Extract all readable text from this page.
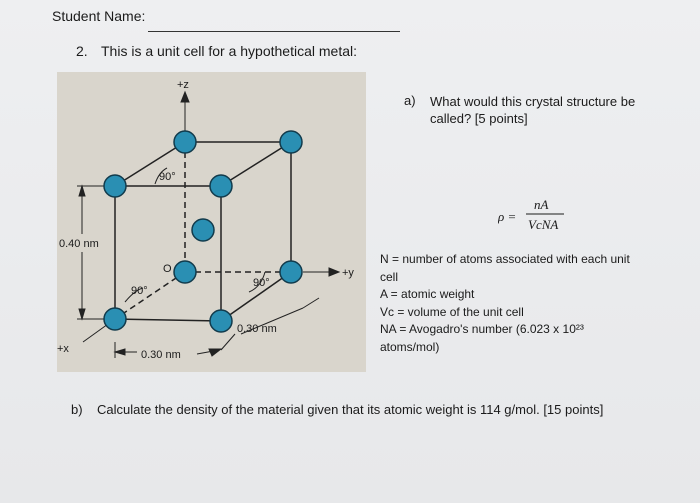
Student Name:
2. This is a unit cell for a hypothetical metal:
+z
+y
+x
0.40 nm
0.30 nm
0.30 nm
90°
90°
90°
O
a) What would this crystal structure be called? [5 points]
ρ =
nA
VcNA
N = number of atoms associated with each unit
cell
A = atomic weight
Vc = volume of the unit cell
NA = Avogadro's number (6.023 x 10²³
atoms/mol)
b) Calculate the density of the material given that its atomic weight is 114 g/mol. [15 points]
